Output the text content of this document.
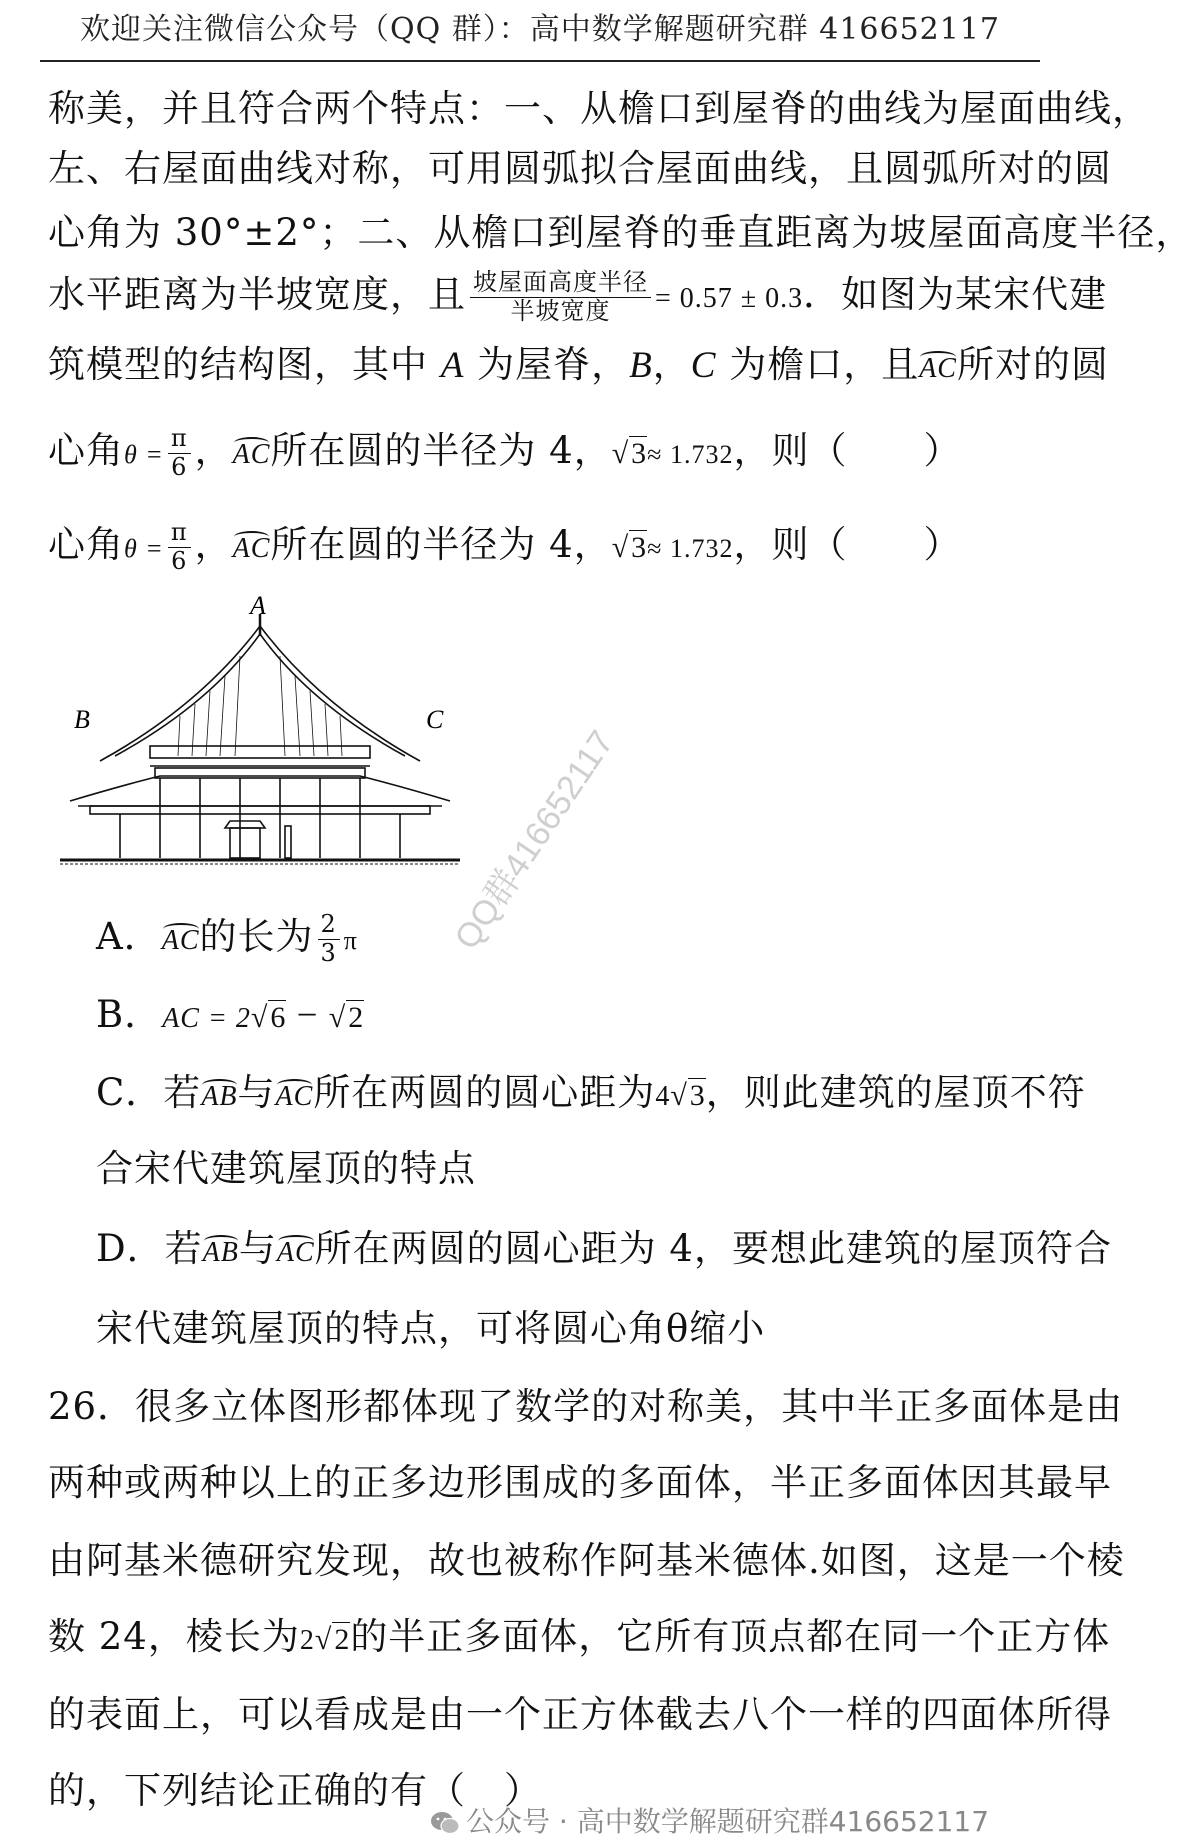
欢迎关注微信公众号（QQ 群）：高中数学解题研究群 416652117
称美，并且符合两个特点：一、从檐口到屋脊的曲线为屋面曲线，
左、右屋面曲线对称，可用圆弧拟合屋面曲线，且圆弧所对的圆
心角为 30°±2°；二、从檐口到屋脊的垂直距离为坡屋面高度半径，
水平距离为半坡宽度，且 $\frac{\text{坡屋面高度半径}}{\text{半坡宽度}} = 0.57 \pm 0.3$．如图为某宋代建
筑模型的结构图，其中 A 为屋脊，B，C 为檐口，且AC所对的圆
心角$\theta = \frac{\pi}{6}$ ，AC所在圆的半径为 4，√3≈ 1.732，则（　　）
心角$\theta = \frac{\pi}{6}$ ，AC所在圆的半径为 4，√3≈ 1.732，则（　　）
A
B	C
A．AC的长为 $\frac{2}{3}$ π
B．AC = 2√6 − √2
C．若AB与AC所在两圆的圆心距为4√3，则此建筑的屋顶不符
合宋代建筑屋顶的特点
D．若AB与AC所在两圆的圆心距为 4，要想此建筑的屋顶符合
宋代建筑屋顶的特点，可将圆心角θ缩小
26．很多立体图形都体现了数学的对称美，其中半正多面体是由
两种或两种以上的正多边形围成的多面体，半正多面体因其最早
由阿基米德研究发现，故也被称作阿基米德体.如图，这是一个棱
数 24，棱长为2√2的半正多面体，它所有顶点都在同一个正方体
的表面上，可以看成是由一个正方体截去八个一样的四面体所得
的，下列结论正确的有（　）
QQ群416652117
公众号 · 高中数学解题研究群416652117
